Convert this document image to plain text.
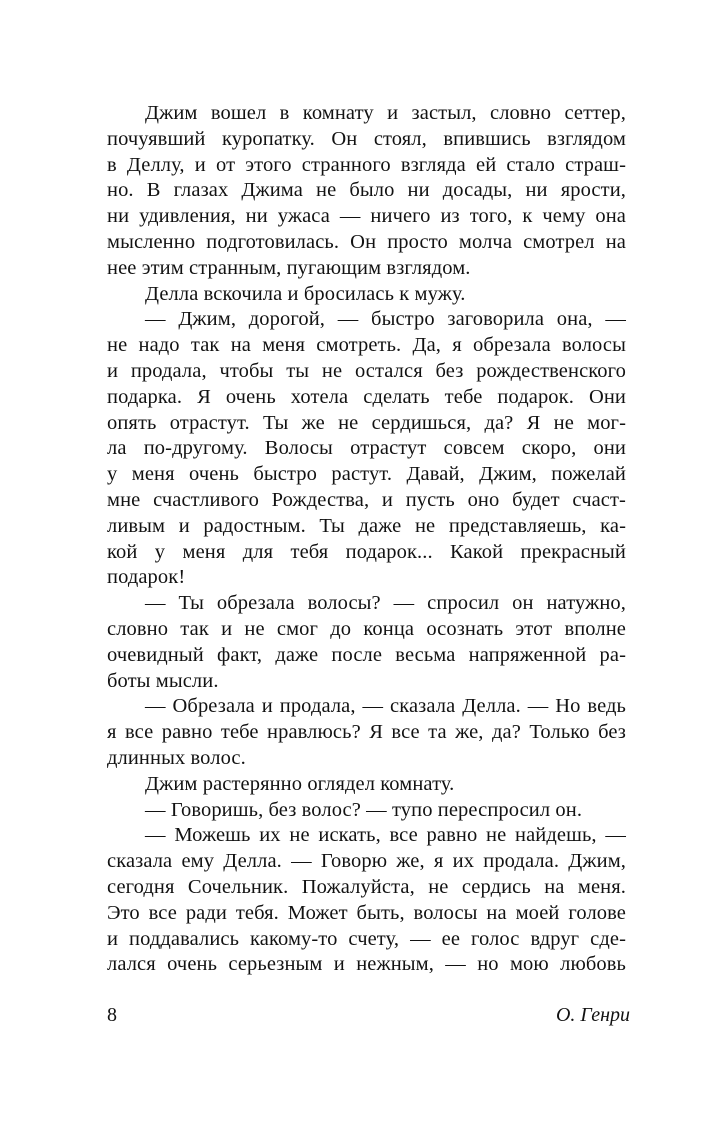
Джим вошел в комнату и застыл, словно сеттер,
почуявший куропатку. Он стоял, впившись взглядом
в Деллу, и от этого странного взгляда ей стало страш-
но. В глазах Джима не было ни досады, ни ярости,
ни удивления, ни ужаса — ничего из того, к чему она
мысленно подготовилась. Он просто молча смотрел на
нее этим странным, пугающим взглядом.
Делла вскочила и бросилась к мужу.
— Джим, дорогой, — быстро заговорила она, —
не надо так на меня смотреть. Да, я обрезала волосы
и продала, чтобы ты не остался без рождественского
подарка. Я очень хотела сделать тебе подарок. Они
опять отрастут. Ты же не сердишься, да? Я не мог-
ла по-другому. Волосы отрастут совсем скоро, они
у меня очень быстро растут. Давай, Джим, пожелай
мне счастливого Рождества, и пусть оно будет счаст-
ливым и радостным. Ты даже не представляешь, ка-
кой у меня для тебя подарок... Какой прекрасный
подарок!
— Ты обрезала волосы? — спросил он натужно,
словно так и не смог до конца осознать этот вполне
очевидный факт, даже после весьма напряженной ра-
боты мысли.
— Обрезала и продала, — сказала Делла. — Но ведь
я все равно тебе нравлюсь? Я все та же, да? Только без
длинных волос.
Джим растерянно оглядел комнату.
— Говоришь, без волос? — тупо переспросил он.
— Можешь их не искать, все равно не найдешь, —
сказала ему Делла. — Говорю же, я их продала. Джим,
сегодня Сочельник. Пожалуйста, не сердись на меня.
Это все ради тебя. Может быть, волосы на моей голове
и поддавались какому-то счету, — ее голос вдруг сде-
лался очень серьезным и нежным, — но мою любовь
8	О. Генри
